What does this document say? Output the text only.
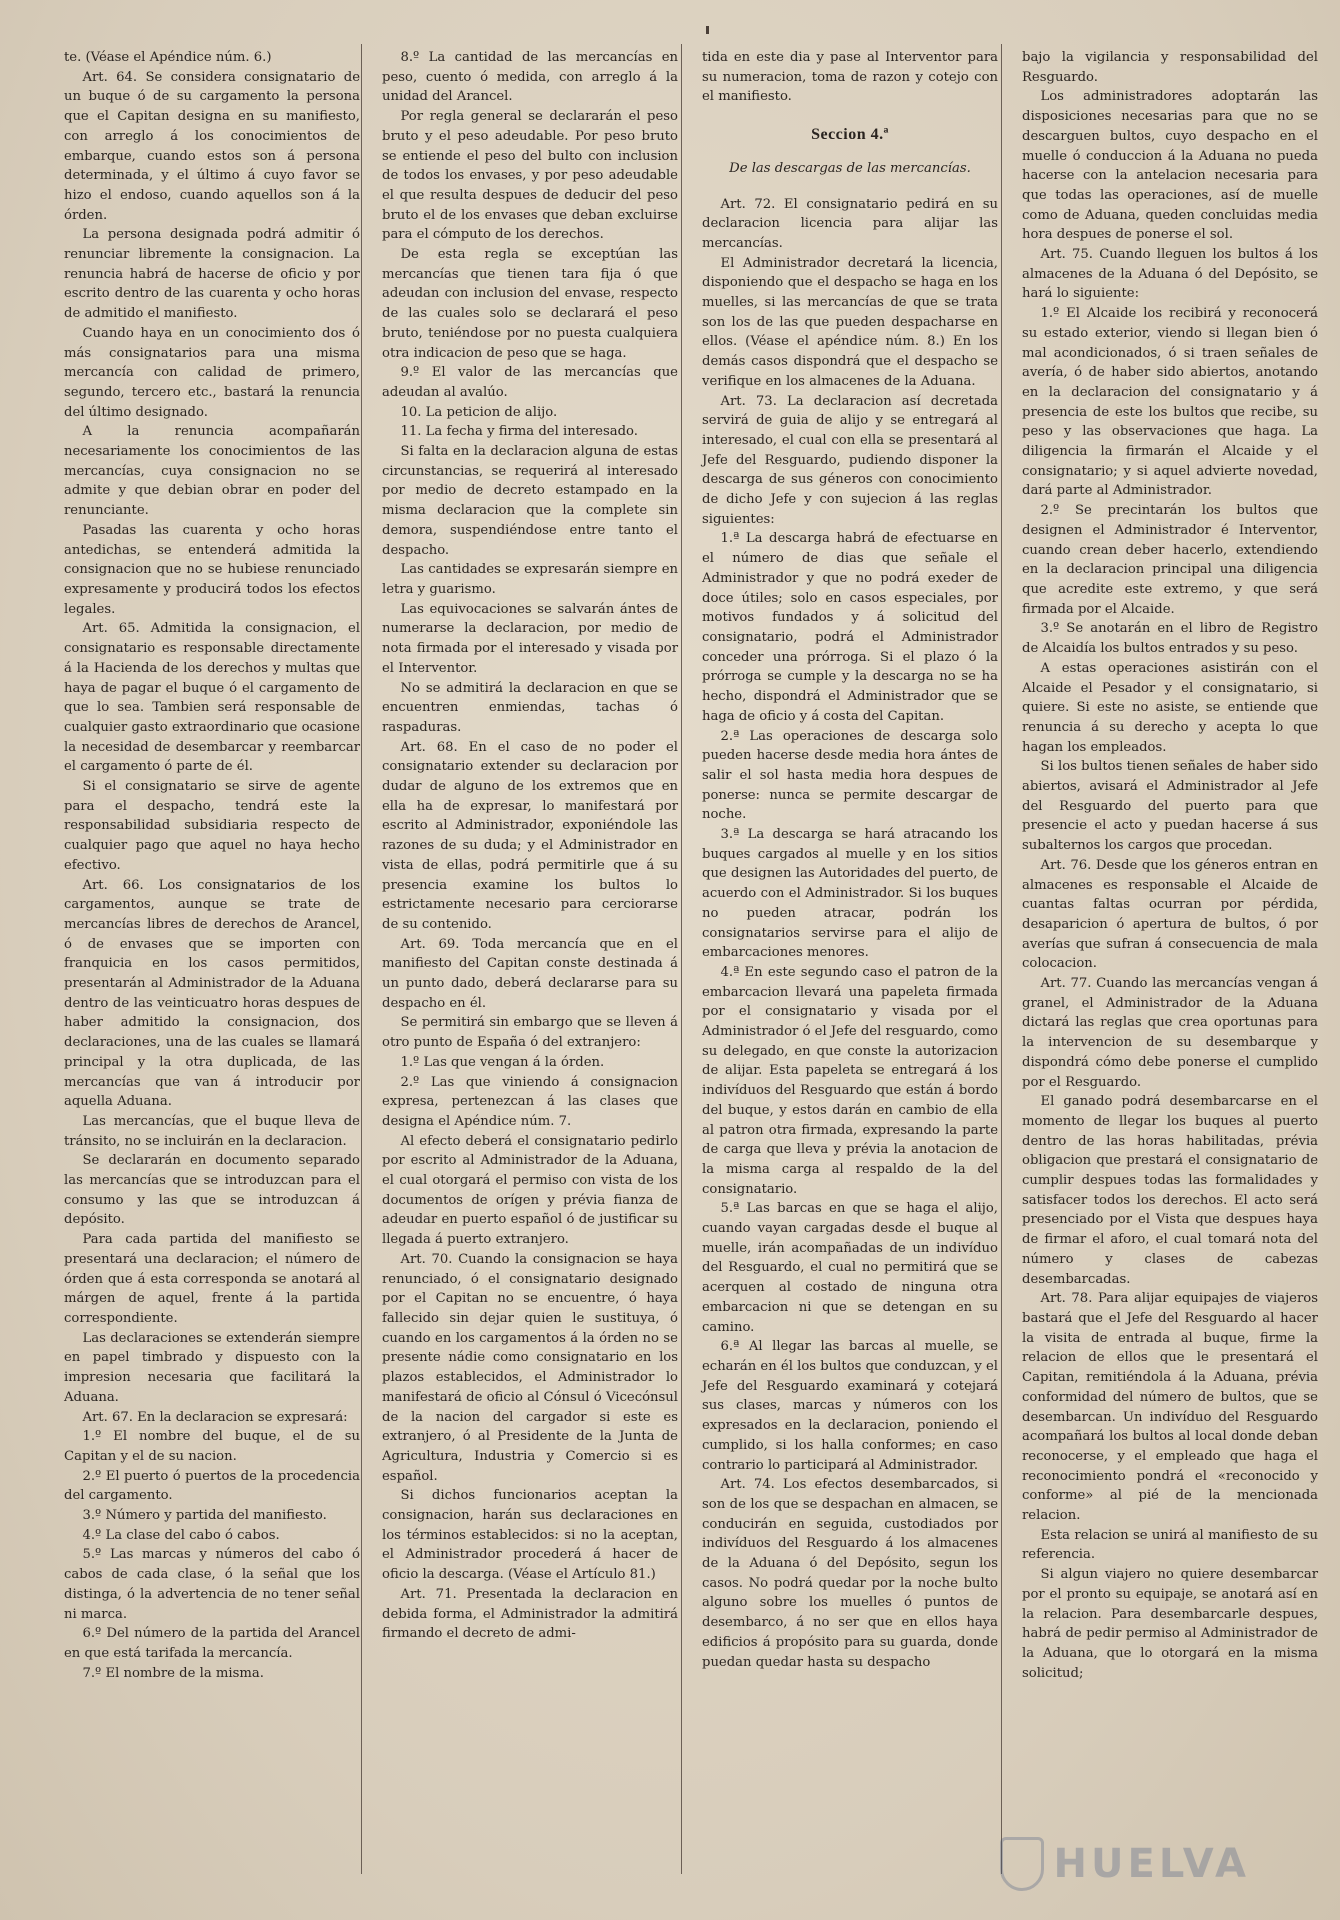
te. (Véase el Apéndice núm. 6.)

Art. 64. Se considera consignatario de un buque ó de su cargamento la persona que el Capitan designa en su manifiesto, con arreglo á los conocimientos de embarque, cuando estos son á persona determinada, y el último á cuyo favor se hizo el endoso, cuando aquellos son á la órden.

La persona designada podrá admitir ó renunciar libremente la consignacion. La renuncia habrá de hacerse de oficio y por escrito dentro de las cuarenta y ocho horas de admitido el manifiesto.

Cuando haya en un conocimiento dos ó más consignatarios para una misma mercancía con calidad de primero, segundo, tercero etc., bastará la renuncia del último designado.

A la renuncia acompañarán necesariamente los conocimientos de las mercancías, cuya consignacion no se admite y que debian obrar en poder del renunciante.

Pasadas las cuarenta y ocho horas antedichas, se entenderá admitida la consignacion que no se hubiese renunciado expresamente y producirá todos los efectos legales.

Art. 65. Admitida la consignacion, el consignatario es responsable directamente á la Hacienda de los derechos y multas que haya de pagar el buque ó el cargamento de que lo sea. Tambien será responsable de cualquier gasto extraordinario que ocasione la necesidad de desembarcar y reembarcar el cargamento ó parte de él.

Si el consignatario se sirve de agente para el despacho, tendrá este la responsabilidad subsidiaria respecto de cualquier pago que aquel no haya hecho efectivo.

Art. 66. Los consignatarios de los cargamentos, aunque se trate de mercancías libres de derechos de Arancel, ó de envases que se importen con franquicia en los casos permitidos, presentarán al Administrador de la Aduana dentro de las veinticuatro horas despues de haber admitido la consignacion, dos declaraciones, una de las cuales se llamará principal y la otra duplicada, de las mercancías que van á introducir por aquella Aduana.

Las mercancías, que el buque lleva de tránsito, no se incluirán en la declaracion.

Se declararán en documento separado las mercancías que se introduzcan para el consumo y las que se introduzcan á depósito.

Para cada partida del manifiesto se presentará una declaracion; el número de órden que á esta corresponda se anotará al márgen de aquel, frente á la partida correspondiente.

Las declaraciones se extenderán siempre en papel timbrado y dispuesto con la impresion necesaria que facilitará la Aduana.

Art. 67. En la declaracion se expresará:

1.º El nombre del buque, el de su Capitan y el de su nacion.

2.º El puerto ó puertos de la procedencia del cargamento.

3.º Número y partida del manifiesto.

4.º La clase del cabo ó cabos.

5.º Las marcas y números del cabo ó cabos de cada clase, ó la señal que los distinga, ó la advertencia de no tener señal ni marca.

6.º Del número de la partida del Arancel en que está tarifada la mercancía.

7.º El nombre de la misma.

8.º La cantidad de las mercancías en peso, cuento ó medida, con arreglo á la unidad del Arancel.

Por regla general se declararán el peso bruto y el peso adeudable. Por peso bruto se entiende el peso del bulto con inclusion de todos los envases, y por peso adeudable el que resulta despues de deducir del peso bruto el de los envases que deban excluirse para el cómputo de los derechos.

De esta regla se exceptúan las mercancías que tienen tara fija ó que adeudan con inclusion del envase, respecto de las cuales solo se declarará el peso bruto, teniéndose por no puesta cualquiera otra indicacion de peso que se haga.

9.º El valor de las mercancías que adeudan al avalúo.

10. La peticion de alijo.

11. La fecha y firma del interesado.

Si falta en la declaracion alguna de estas circunstancias, se requerirá al interesado por medio de decreto estampado en la misma declaracion que la complete sin demora, suspendiéndose entre tanto el despacho.

Las cantidades se expresarán siempre en letra y guarismo.

Las equivocaciones se salvarán ántes de numerarse la declaracion, por medio de nota firmada por el interesado y visada por el Interventor.

No se admitirá la declaracion en que se encuentren enmiendas, tachas ó raspaduras.

Art. 68. En el caso de no poder el consignatario extender su declaracion por dudar de alguno de los extremos que en ella ha de expresar, lo manifestará por escrito al Administrador, exponiéndole las razones de su duda; y el Administrador en vista de ellas, podrá permitirle que á su presencia examine los bultos lo estrictamente necesario para cerciorarse de su contenido.

Art. 69. Toda mercancía que en el manifiesto del Capitan conste destinada á un punto dado, deberá declararse para su despacho en él.

Se permitirá sin embargo que se lleven á otro punto de España ó del extranjero:

1.º Las que vengan á la órden.

2.º Las que viniendo á consignacion expresa, pertenezcan á las clases que designa el Apéndice núm. 7.

Al efecto deberá el consignatario pedirlo por escrito al Administrador de la Aduana, el cual otorgará el permiso con vista de los documentos de orígen y prévia fianza de adeudar en puerto español ó de justificar su llegada á puerto extranjero.

Art. 70. Cuando la consignacion se haya renunciado, ó el consignatario designado por el Capitan no se encuentre, ó haya fallecido sin dejar quien le sustituya, ó cuando en los cargamentos á la órden no se presente nádie como consignatario en los plazos establecidos, el Administrador lo manifestará de oficio al Cónsul ó Vicecónsul de la nacion del cargador si este es extranjero, ó al Presidente de la Junta de Agricultura, Industria y Comercio si es español.

Si dichos funcionarios aceptan la consignacion, harán sus declaraciones en los términos establecidos: si no la aceptan, el Administrador procederá á hacer de oficio la descarga. (Véase el Artículo 81.)

Art. 71. Presentada la declaracion en debida forma, el Administrador la admitirá firmando el decreto de admi-

tida en este dia y pase al Interventor para su numeracion, toma de razon y cotejo con el manifiesto.

Seccion 4.ª
De las descargas de las mercancías.

Art. 72. El consignatario pedirá en su declaracion licencia para alijar las mercancías.

El Administrador decretará la licencia, disponiendo que el despacho se haga en los muelles, si las mercancías de que se trata son los de las que pueden despacharse en ellos. (Véase el apéndice núm. 8.) En los demás casos dispondrá que el despacho se verifique en los almacenes de la Aduana.

Art. 73. La declaracion así decretada servirá de guia de alijo y se entregará al interesado, el cual con ella se presentará al Jefe del Resguardo, pudiendo disponer la descarga de sus géneros con conocimiento de dicho Jefe y con sujecion á las reglas siguientes:

1.ª La descarga habrá de efectuarse en el número de dias que señale el Administrador y que no podrá exeder de doce útiles; solo en casos especiales, por motivos fundados y á solicitud del consignatario, podrá el Administrador conceder una prórroga. Si el plazo ó la prórroga se cumple y la descarga no se ha hecho, dispondrá el Administrador que se haga de oficio y á costa del Capitan.

2.ª Las operaciones de descarga solo pueden hacerse desde media hora ántes de salir el sol hasta media hora despues de ponerse: nunca se permite descargar de noche.

3.ª La descarga se hará atracando los buques cargados al muelle y en los sitios que designen las Autoridades del puerto, de acuerdo con el Administrador. Si los buques no pueden atracar, podrán los consignatarios servirse para el alijo de embarcaciones menores.

4.ª En este segundo caso el patron de la embarcacion llevará una papeleta firmada por el consignatario y visada por el Administrador ó el Jefe del resguardo, como su delegado, en que conste la autorizacion de alijar. Esta papeleta se entregará á los indivíduos del Resguardo que están á bordo del buque, y estos darán en cambio de ella al patron otra firmada, expresando la parte de carga que lleva y prévia la anotacion de la misma carga al respaldo de la del consignatario.

5.ª Las barcas en que se haga el alijo, cuando vayan cargadas desde el buque al muelle, irán acompañadas de un indivíduo del Resguardo, el cual no permitirá que se acerquen al costado de ninguna otra embarcacion ni que se detengan en su camino.

6.ª Al llegar las barcas al muelle, se echarán en él los bultos que conduzcan, y el Jefe del Resguardo examinará y cotejará sus clases, marcas y números con los expresados en la declaracion, poniendo el cumplido, si los halla conformes; en caso contrario lo participará al Administrador.

Art. 74. Los efectos desembarcados, si son de los que se despachan en almacen, se conducirán en seguida, custodiados por indivíduos del Resguardo á los almacenes de la Aduana ó del Depósito, segun los casos. No podrá quedar por la noche bulto alguno sobre los muelles ó puntos de desembarco, á no ser que en ellos haya edificios á propósito para su guarda, donde puedan quedar hasta su despacho

bajo la vigilancia y responsabilidad del Resguardo.

Los administradores adoptarán las disposiciones necesarias para que no se descarguen bultos, cuyo despacho en el muelle ó conduccion á la Aduana no pueda hacerse con la antelacion necesaria para que todas las operaciones, así de muelle como de Aduana, queden concluidas media hora despues de ponerse el sol.

Art. 75. Cuando lleguen los bultos á los almacenes de la Aduana ó del Depósito, se hará lo siguiente:

1.º El Alcaide los recibirá y reconocerá su estado exterior, viendo si llegan bien ó mal acondicionados, ó si traen señales de avería, ó de haber sido abiertos, anotando en la declaracion del consignatario y á presencia de este los bultos que recibe, su peso y las observaciones que haga. La diligencia la firmarán el Alcaide y el consignatario; y si aquel advierte novedad, dará parte al Administrador.

2.º Se precintarán los bultos que designen el Administrador é Interventor, cuando crean deber hacerlo, extendiendo en la declaracion principal una diligencia que acredite este extremo, y que será firmada por el Alcaide.

3.º Se anotarán en el libro de Registro de Alcaidía los bultos entrados y su peso.

A estas operaciones asistirán con el Alcaide el Pesador y el consignatario, si quiere. Si este no asiste, se entiende que renuncia á su derecho y acepta lo que hagan los empleados.

Si los bultos tienen señales de haber sido abiertos, avisará el Administrador al Jefe del Resguardo del puerto para que presencie el acto y puedan hacerse á sus subalternos los cargos que procedan.

Art. 76. Desde que los géneros entran en almacenes es responsable el Alcaide de cuantas faltas ocurran por pérdida, desaparicion ó apertura de bultos, ó por averías que sufran á consecuencia de mala colocacion.

Art. 77. Cuando las mercancías vengan á granel, el Administrador de la Aduana dictará las reglas que crea oportunas para la intervencion de su desembarque y dispondrá cómo debe ponerse el cumplido por el Resguardo.

El ganado podrá desembarcarse en el momento de llegar los buques al puerto dentro de las horas habilitadas, prévia obligacion que prestará el consignatario de cumplir despues todas las formalidades y satisfacer todos los derechos. El acto será presenciado por el Vista que despues haya de firmar el aforo, el cual tomará nota del número y clases de cabezas desembarcadas.

Art. 78. Para alijar equipajes de viajeros bastará que el Jefe del Resguardo al hacer la visita de entrada al buque, firme la relacion de ellos que le presentará el Capitan, remitiéndola á la Aduana, prévia conformidad del número de bultos, que se desembarcan. Un indivíduo del Resguardo acompañará los bultos al local donde deban reconocerse, y el empleado que haga el reconocimiento pondrá el «reconocido y conforme» al pié de la mencionada relacion.

Esta relacion se unirá al manifiesto de su referencia.

Si algun viajero no quiere desembarcar por el pronto su equipaje, se anotará así en la relacion. Para desembarcarle despues, habrá de pedir permiso al Administrador de la Aduana, que lo otorgará en la misma solicitud;

HUELVA
